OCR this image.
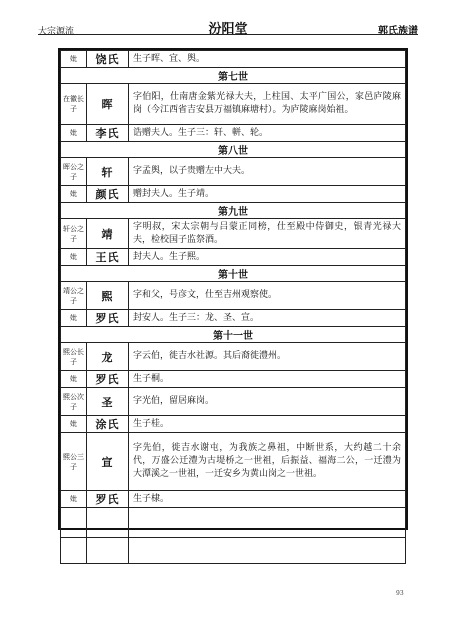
大宗源流	汾阳堂	郭氏族谱
妣	饶氏	生子晖、宜、舆。
第七世		
在徽长子	晖	字伯阳，仕南唐金紫光禄大夫，上柱国、太平广国公，家邑庐陵麻岗（今江西省吉安县万福镇麻塘村）。为庐陵麻岗始祖。
妣	李氏	诰赠夫人。生子三：轩、軿、轮。
第八世		
晖公之子	轩	字孟舆，以子贵赠左中大夫。
妣	颜氏	赠封夫人。生子靖。
第九世		
轩公之子	靖	字明叔，宋太宗朝与吕蒙正同榜，仕至殿中侍御史，银青光禄大夫，检校国子监祭酒。
妣	王氏	封夫人。生子熙。
第十世		
靖公之子	熙	字和父，号彦文，仕至吉州观察使。
妣	罗氏	封安人。生子三：龙、圣、宣。
第十一世		
熙公长子	龙	字云伯，徙吉水社源。其后裔徙澧州。
妣	罗氏	生子桐。
熙公次子	圣	字光伯，留居麻岗。
妣	涂氏	生子桂。
熙公三子	宣	字先伯，徙吉水谢屯，为我族之鼻祖，中断世系，大约越二十余代，万盛公迁澧为古堤桥之一世祖，后振益、福海二公，一迁澧为大潭溪之一世祖，一迁安乡为黄山岗之一世祖。
妣	罗氏	生子棣。

93
